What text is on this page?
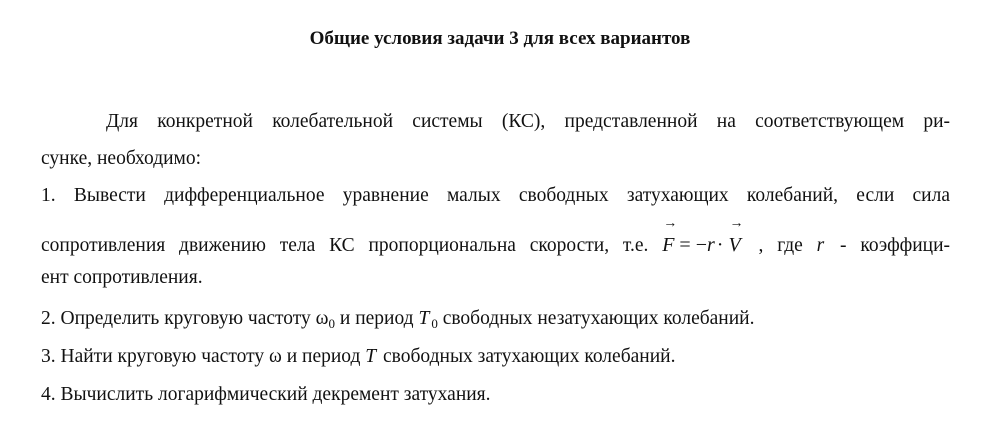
Общие условия задачи 3 для всех вариантов
Для конкретной колебательной системы (КС), представленной на соответствующем ри-
сунке, необходимо:
1. Вывести дифференциальное уравнение малых свободных затухающих колебаний, если сила
сопротивления движению тела КС пропорциональна скорости, т.е.
→
F = −r ·
→
V , где r - коэффици-
ент сопротивления.
2. Определить круговую частоту $\omega_0$ и период T $_0$ свободных незатухающих колебаний.
3. Найти круговую частоту ω и период T свободных затухающих колебаний.
4. Вычислить логарифмический декремент затухания.
